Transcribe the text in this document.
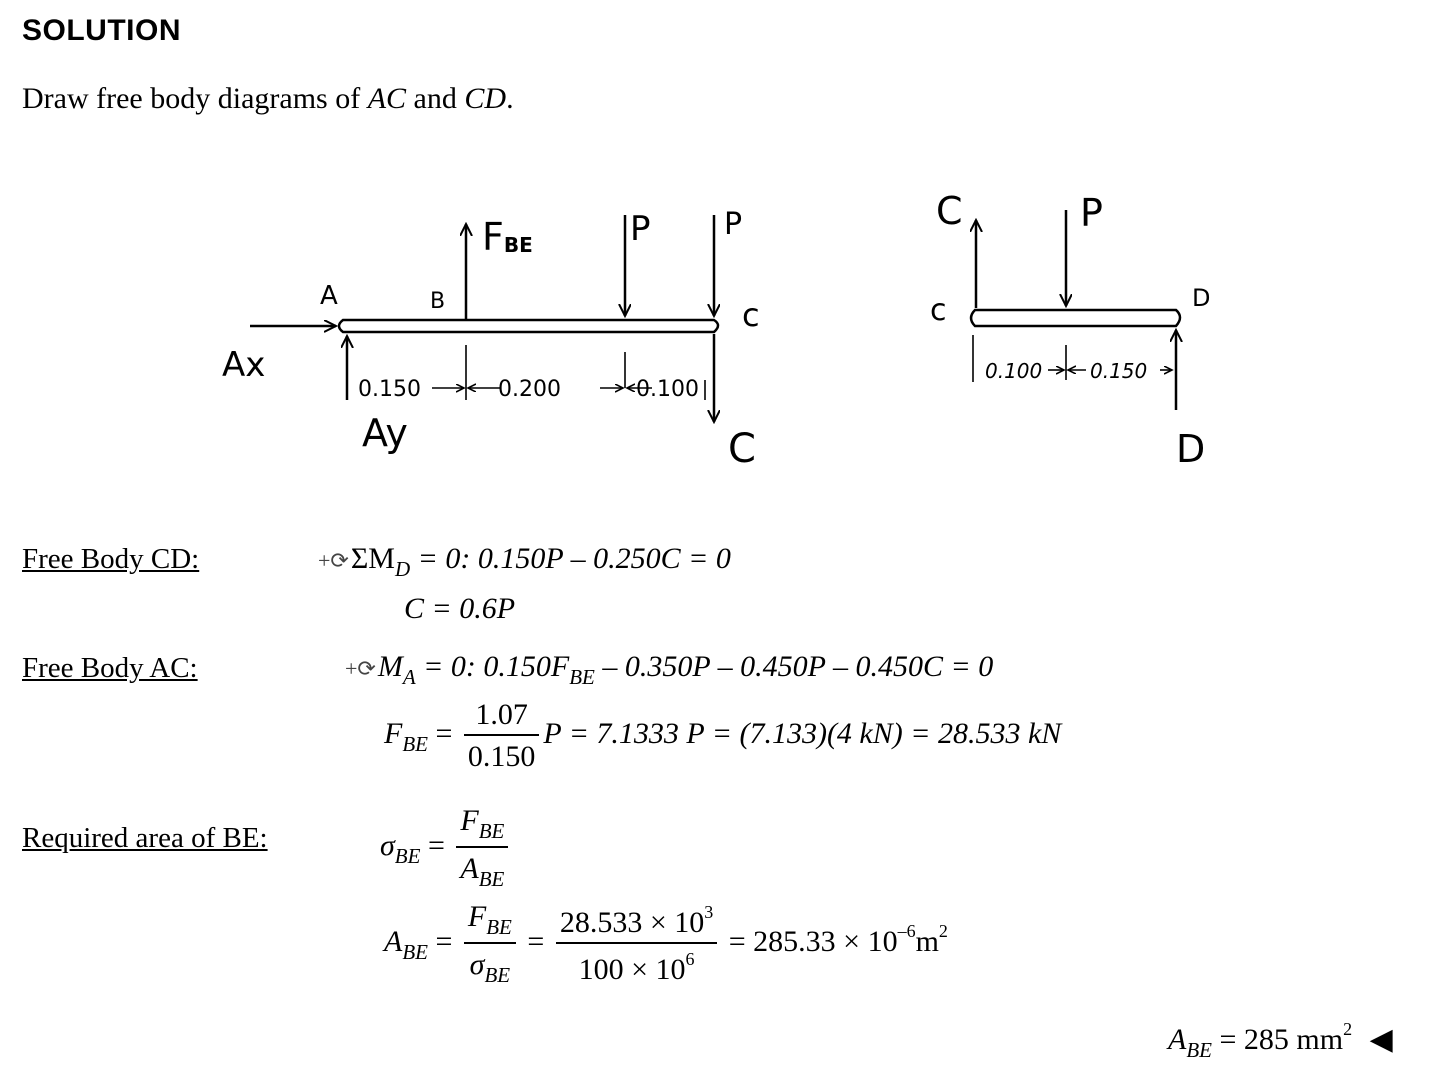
SOLUTION
Draw free body diagrams of AC and CD.
FBE	P P
A	B	c
Ax
Ay	C
0.150	0.200	0.100
C	P
c	D
D
0.100 0.150
Free Body CD:	$+⟳\Sigma M_D = 0$: 0.150P – 0.250C = 0
C = 0.6P
Free Body AC:	$+⟳M_A = 0$: $0.150F_{BE} - 0.350P - 0.450P - 0.450C = 0$
$F_{BE} = \frac{1.07}{0.150}$ P = 7.1333 P = (7.133)(4 kN) = 28.533 kN
Required area of BE:	$\sigma_{BE} = \frac{F_{BE}}{A_{BE}}$
$A_{BE} = \frac{F_{BE}}{\sigma_{BE}} = \frac{28.533 \times 10^3}{100 \times 10^6} = 285.33 \times 10^{-6}m^2$
$A_{BE} = 285$ $mm^2$ ◀
